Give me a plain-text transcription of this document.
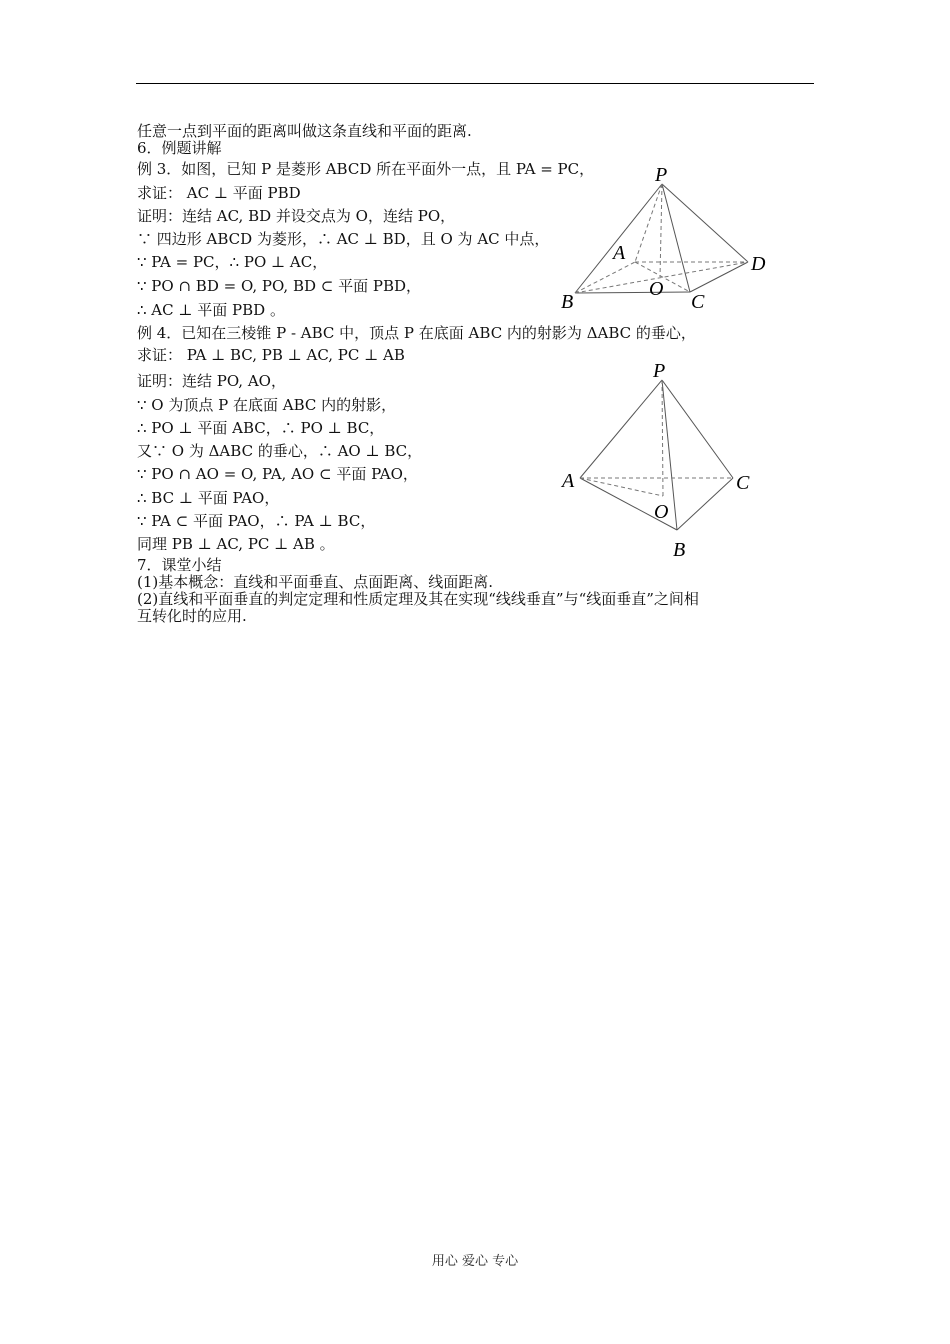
任意一点到平面的距离叫做这条直线和平面的距离.
6．例题讲解
例 3．如图，已知 P 是菱形 ABCD 所在平面外一点，且 PA = PC，
求证： AC ⊥ 平面 PBD
证明：连结 AC, BD 并设交点为 O，连结 PO，
∵ 四边形 ABCD 为菱形，∴ AC ⊥ BD，且 O 为 AC 中点，
∵ PA = PC，∴ PO ⊥ AC，
∵ PO ∩ BD = O, PO, BD ⊂ 平面 PBD，
∴ AC ⊥ 平面 PBD 。
例 4．已知在三棱锥 P - ABC 中，顶点 P 在底面 ABC 内的射影为 ΔABC 的垂心，
求证： PA ⊥ BC, PB ⊥ AC, PC ⊥ AB
证明：连结 PO, AO，
∵ O 为顶点 P 在底面 ABC 内的射影，
∴ PO ⊥ 平面 ABC，∴ PO ⊥ BC，
又∵ O 为 ΔABC 的垂心，∴ AO ⊥ BC，
∵ PO ∩ AO = O, PA, AO ⊂ 平面 PAO，
∴ BC ⊥ 平面 PAO，
∵ PA ⊂ 平面 PAO，∴ PA ⊥ BC，
同理 PB ⊥ AC, PC ⊥ AB 。
7．课堂小结
(1)基本概念：直线和平面垂直、点面距离、线面距离.
(2)直线和平面垂直的判定定理和性质定理及其在实现“线线垂直”与“线面垂直”之间相
互转化时的应用.
P
A
B	C
D
O
P
A	C
B
O
用心 爱心 专心
